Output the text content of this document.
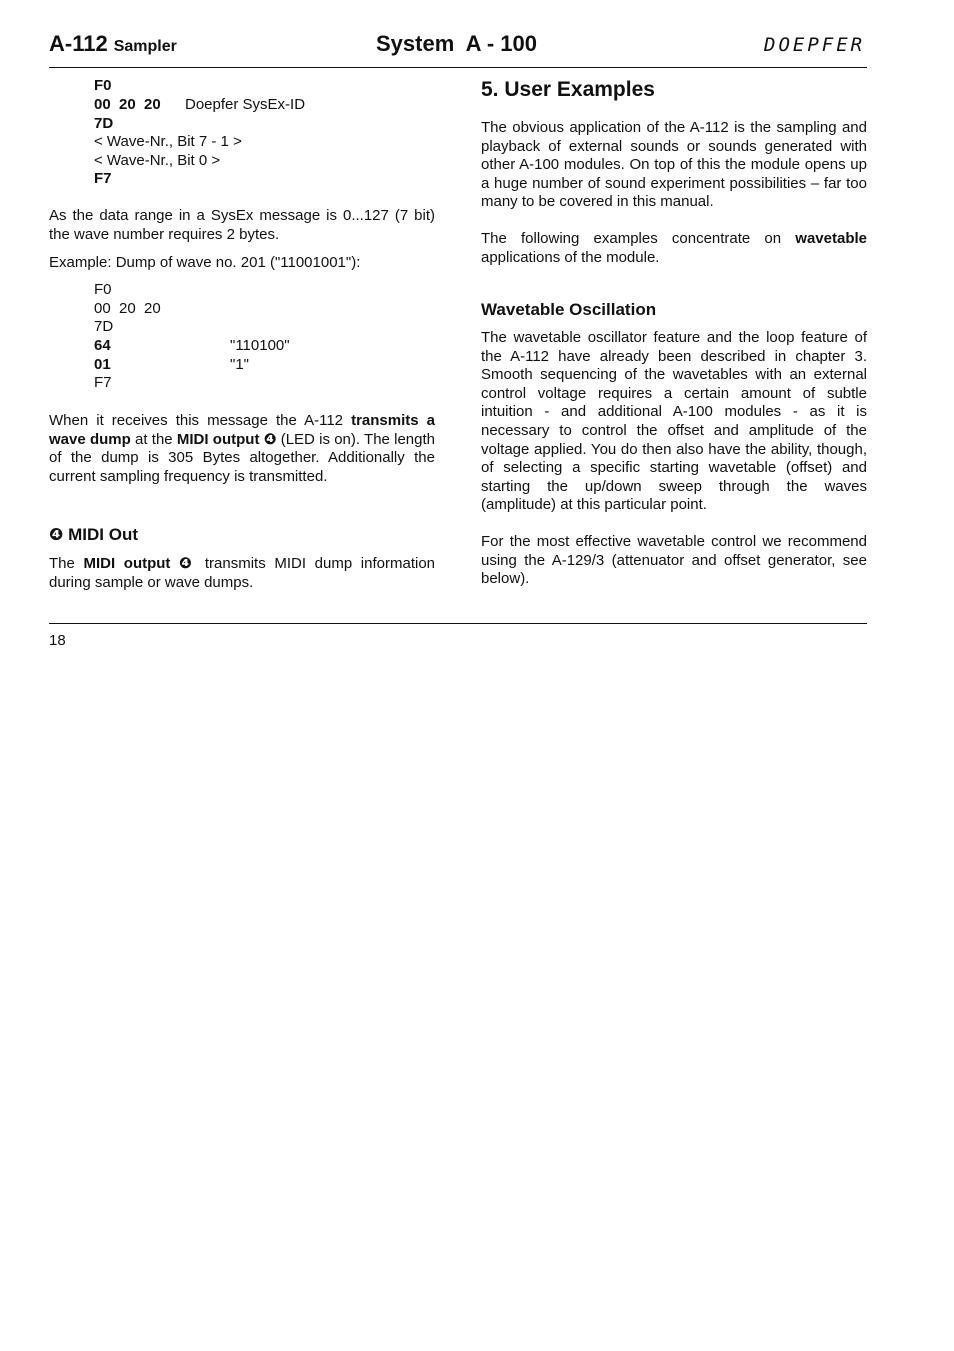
A-112 Sampler	System  A - 100	DOEPFER
F0
00  20  20 Doepfer SysEx-ID
7D
< Wave-Nr., Bit 7 - 1 >
< Wave-Nr., Bit 0 >
F7
As the data range in a SysEx message is 0...127 (7 bit) the wave number requires 2 bytes.
Example: Dump of wave no. 201 ("11001001"):
F0
00  20  20
7D
64	"110100"
01	"1"
F7
When it receives this message the A-112 transmits a wave dump at the MIDI output ❹ (LED is on). The length of the dump is 305 Bytes altogether. Additionally the current sampling frequency is transmitted.
❹ MIDI Out
The MIDI output ❹ transmits MIDI dump information during sample or wave dumps.
5. User Examples
The obvious application of the A-112 is the sampling and playback of external sounds or sounds generated with other A-100 modules. On top of this the module opens up a huge number of sound experiment possibilities – far too many to be covered in this manual.
The following examples concentrate on wavetable applications of the module.
Wavetable Oscillation
The wavetable oscillator feature and the loop feature of the A-112 have already been described in chapter 3. Smooth sequencing of the wavetables with an external control voltage requires a certain amount of subtle intuition - and additional A-100 modules - as it is necessary to control the offset and amplitude of the voltage applied. You do then also have the ability, though, of selecting a specific starting wavetable (offset) and starting the up/down sweep through the waves (amplitude) at this particular point.
For the most effective wavetable control we recommend using the A-129/3 (attenuator and offset generator, see below).
18
